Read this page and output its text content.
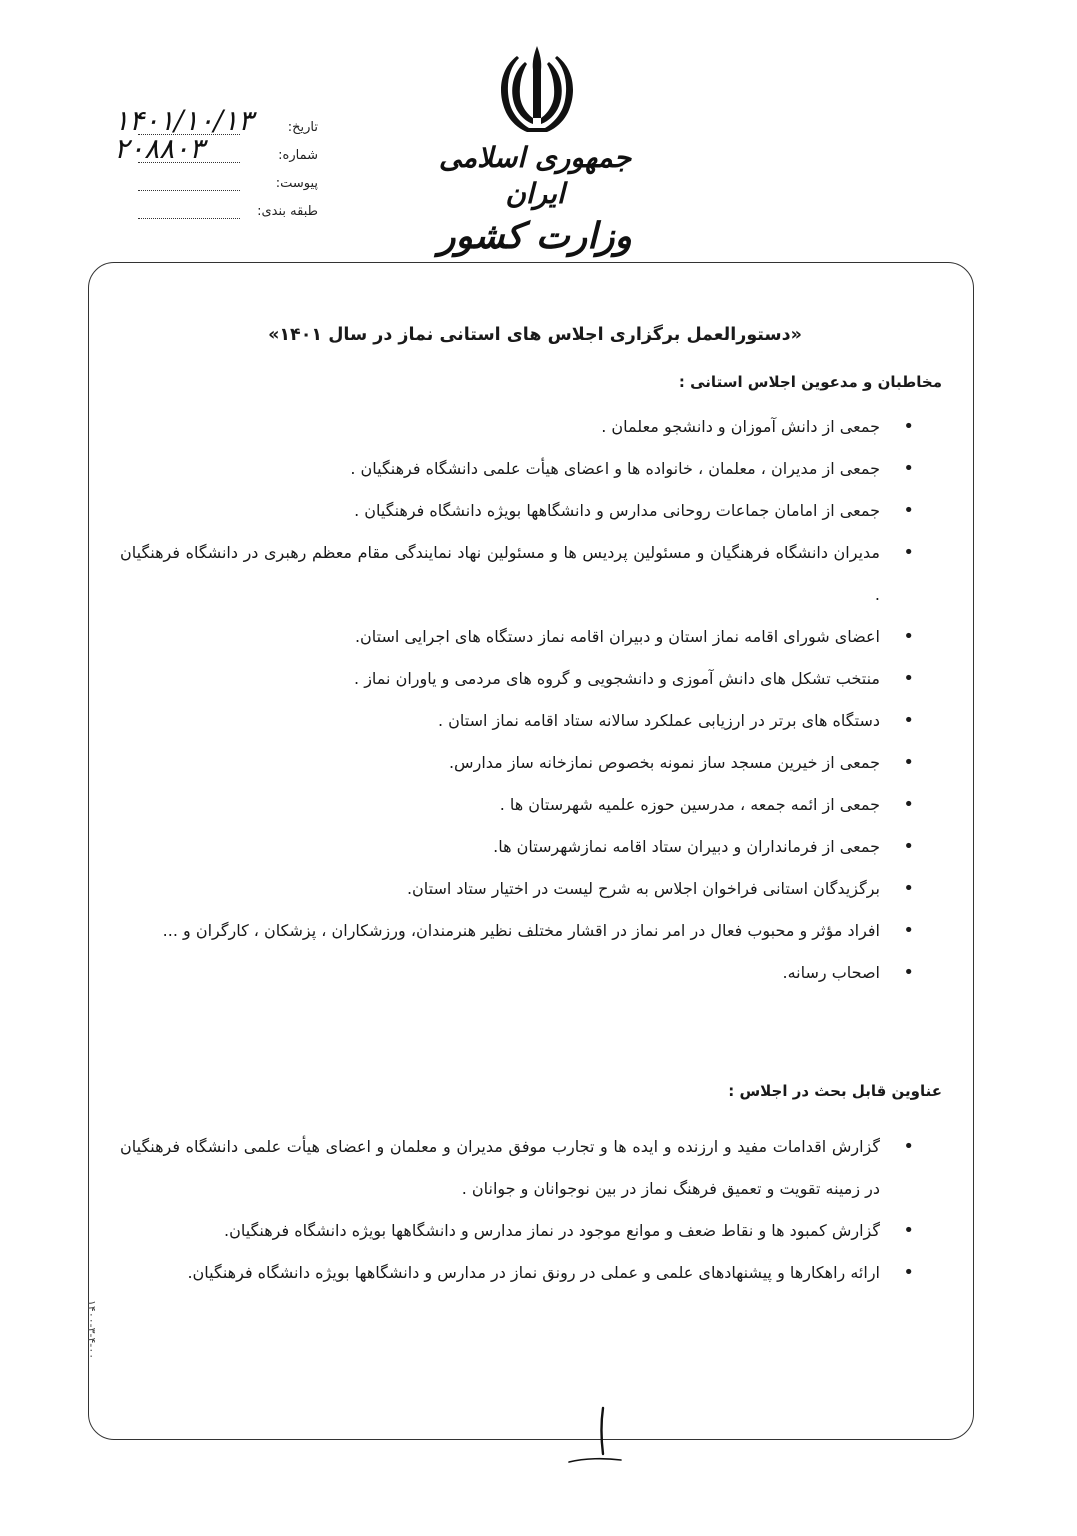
جمهوری اسلامی ایران
وزارت کشور
تاریخ:
۱۴۰۱/۱۰/۱۳
شماره:
۲۰۸۸۰۳
پیوست:
طبقه بندی:
«دستورالعمل برگزاری اجلاس های استانی نماز در سال ۱۴۰۱»
مخاطبان و مدعوین اجلاس استانی :
•
جمعی از دانش آموزان و دانشجو معلمان .
•
جمعی از مدیران ، معلمان ، خانواده ها و اعضای هیأت علمی دانشگاه فرهنگیان .
•
جمعی از امامان جماعات روحانی مدارس و دانشگاهها بویژه دانشگاه فرهنگیان .
•
مدیران دانشگاه فرهنگیان و مسئولین پردیس ها و مسئولین نهاد نمایندگی مقام معظم رهبری در دانشگاه فرهنگیان .
•
اعضای شورای اقامه نماز استان و دبیران اقامه نماز دستگاه های اجرایی استان.
•
منتخب تشکل های دانش آموزی و دانشجویی و گروه های مردمی و یاوران نماز .
•
دستگاه های برتر در ارزیابی عملکرد سالانه ستاد اقامه نماز استان .
•
جمعی از خیرین مسجد ساز نمونه بخصوص نمازخانه ساز مدارس.
•
جمعی از ائمه جمعه ، مدرسین حوزه علمیه شهرستان ها .
•
جمعی از فرمانداران و دبیران ستاد اقامه نمازشهرستان ها.
•
برگزیدگان استانی فراخوان اجلاس به شرح لیست در اختیار ستاد استان.
•
افراد مؤثر و محبوب فعال در امر نماز در اقشار مختلف نظیر هنرمندان، ورزشکاران ، پزشکان ، کارگران و ...
•
اصحاب رسانه.
عناوین قابل بحث در اجلاس :
•
گزارش اقدامات مفید و ارزنده و ایده ها و تجارب موفق مدیران و معلمان و اعضای هیأت علمی دانشگاه فرهنگیان در زمینه تقویت و تعمیق فرهنگ نماز در بین نوجوانان و جوانان .
•
گزارش کمبود ها و نقاط ضعف و موانع موجود در نماز مدارس و دانشگاهها بویژه دانشگاه فرهنگیان.
•
ارائه راهکارها و پیشنهادهای علمی و عملی در رونق نماز در مدارس و دانشگاهها بویژه دانشگاه فرهنگیان.
۱۴۰۰-۳-۴-۰۰
